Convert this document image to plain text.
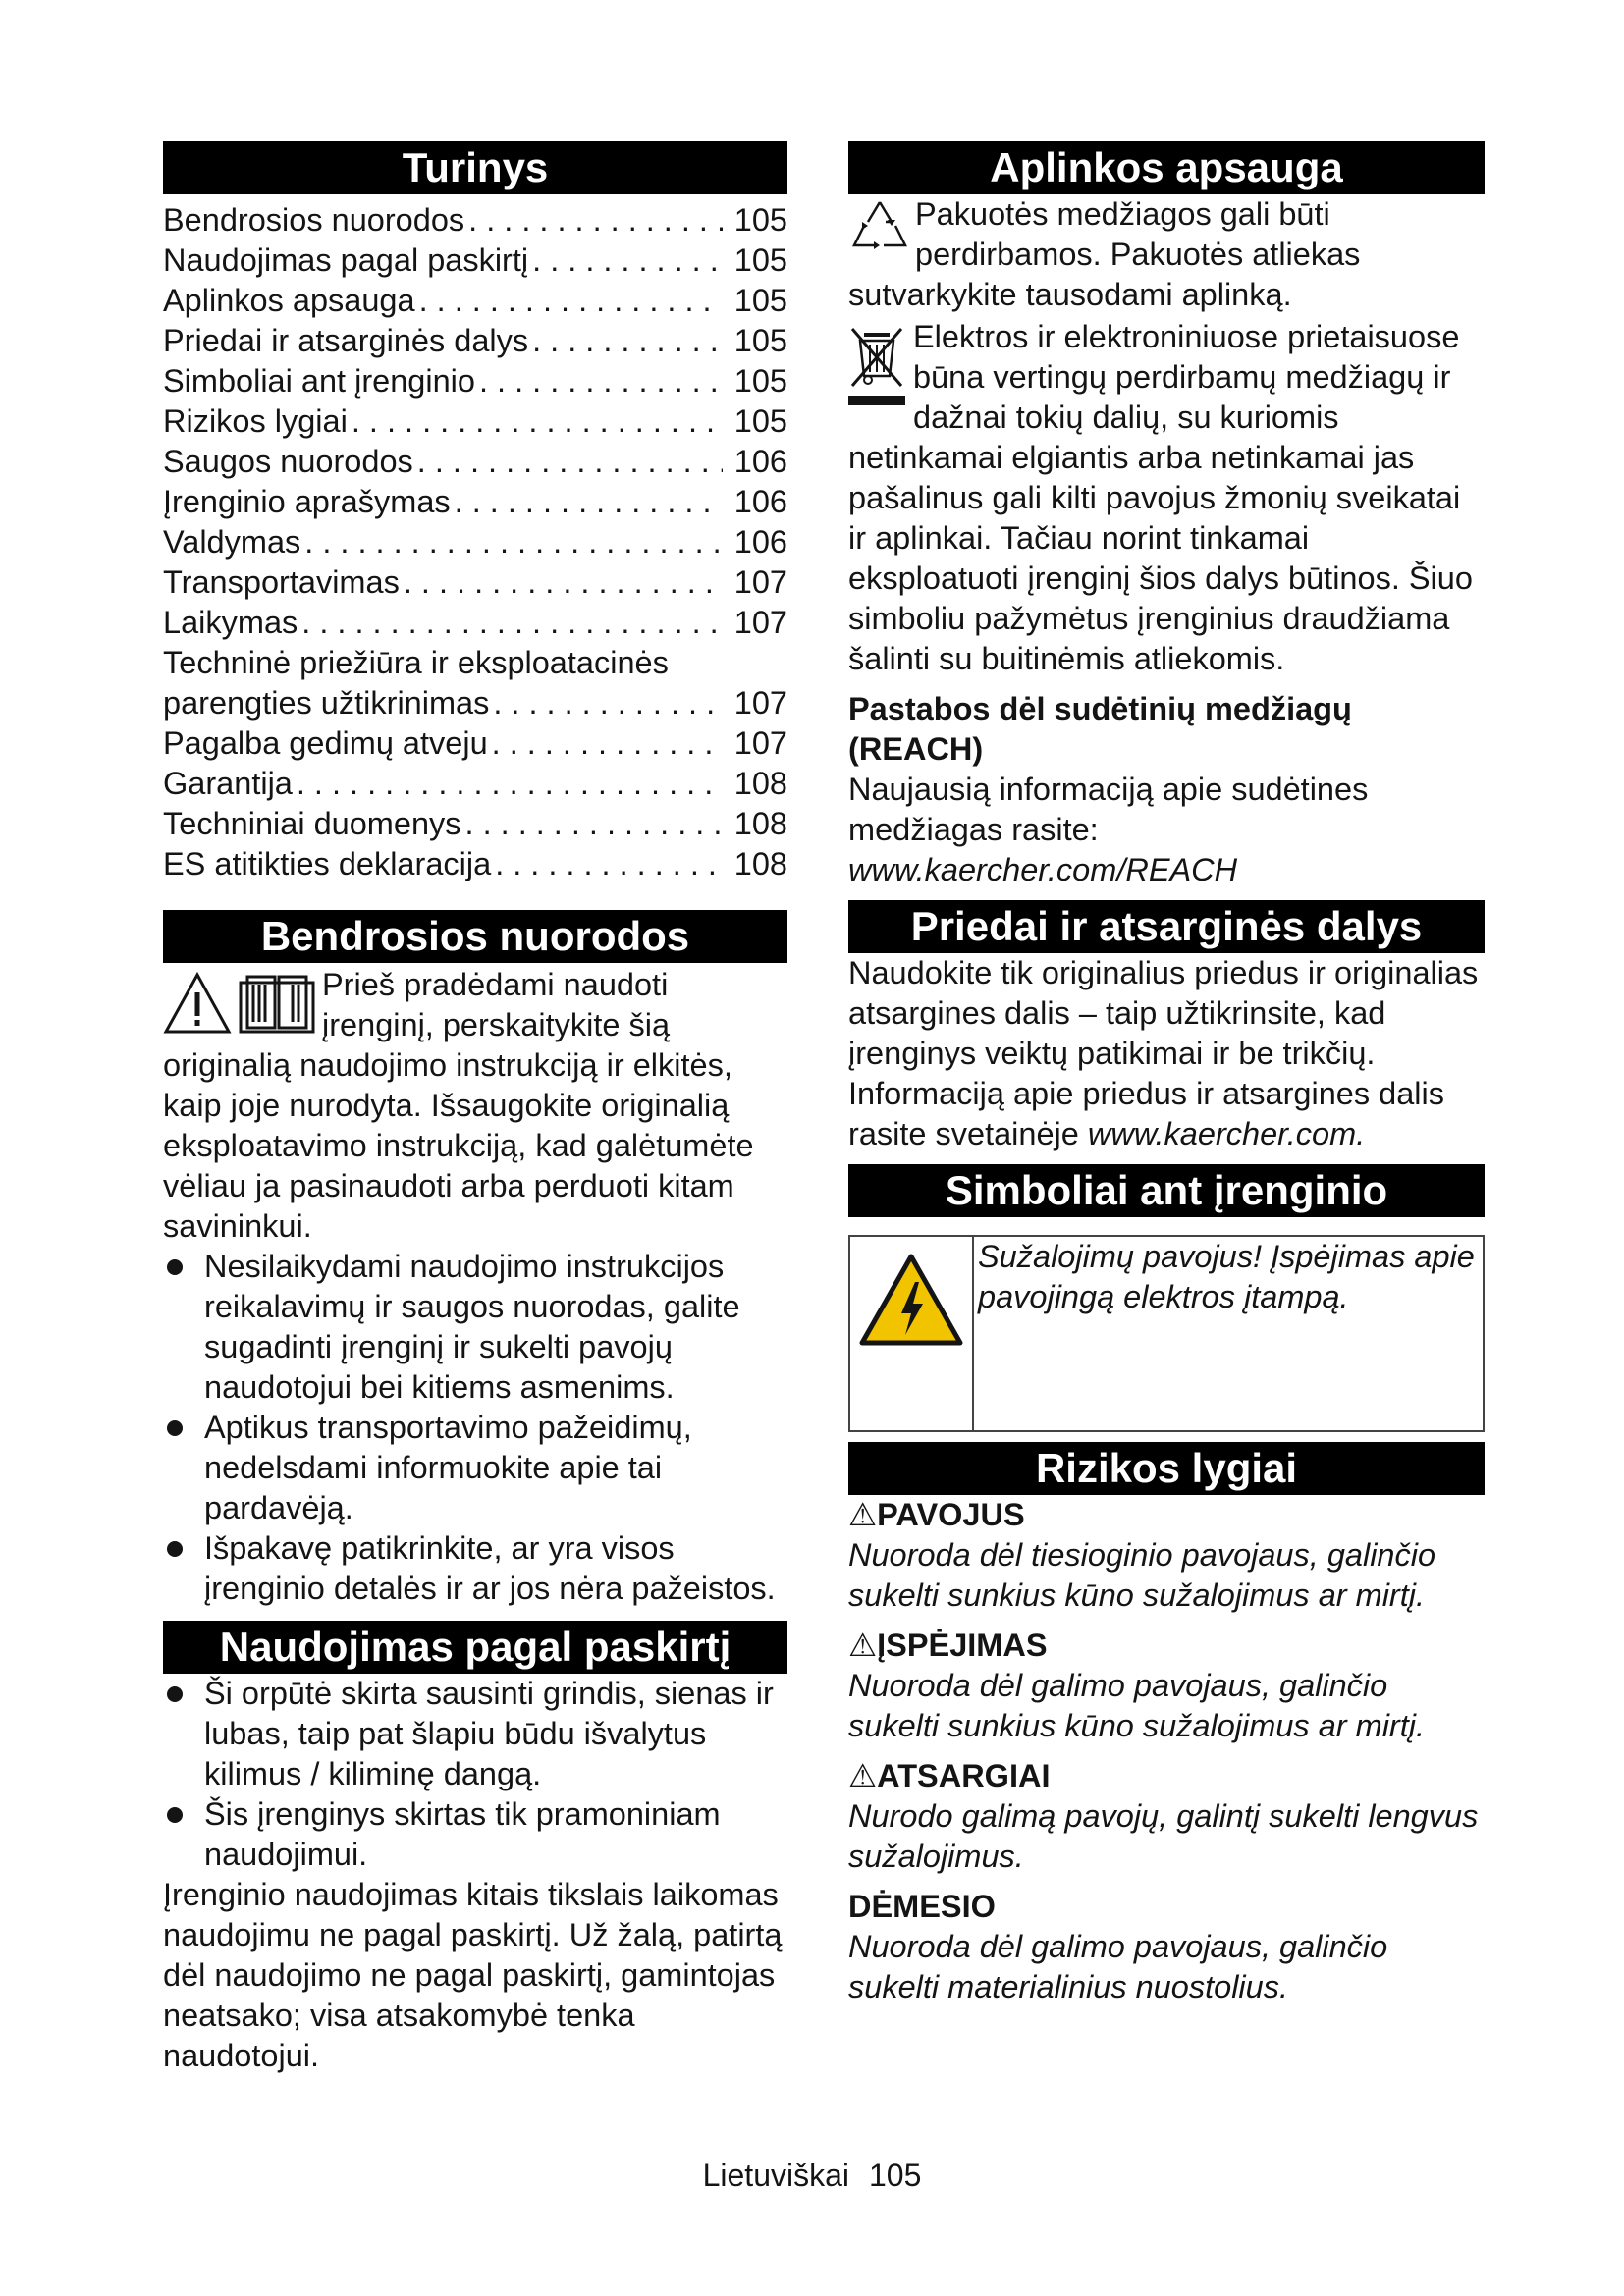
Turinys
Bendrosios nuorodos . . .	105
Naudojimas pagal paskirtį . . .	105
Aplinkos apsauga . . .	105
Priedai ir atsarginės dalys . . .	105
Simboliai ant įrenginio . . .	105
Rizikos lygiai . . .	105
Saugos nuorodos . . .	106
Įrenginio aprašymas . . .	106
Valdymas . . .	106
Transportavimas . . .	107
Laikymas . . .	107
Techninė priežiūra ir eksploatacinės
parengties užtikrinimas . . .	107
Pagalba gedimų atveju . . .	107
Garantija . . .	108
Techniniai duomenys . . .	108
ES atitikties deklaracija . . .	108
Bendrosios nuorodos

Prieš pradėdami naudoti įrenginį, perskaitykite šią originalią naudojimo instrukciją ir elkitės, kaip joje nurodyta. Išsaugokite originalią eksploatavimo instrukciją, kad galėtumėte vėliau ja pasinaudoti arba perduoti kitam savininkui.

Nesilaikydami naudojimo instrukcijos reikalavimų ir saugos nuorodas, galite sugadinti įrenginį ir sukelti pavojų naudotojui bei kitiems asmenims.
Aptikus transportavimo pažeidimų, nedelsdami informuokite apie tai pardavėją.
Išpakavę patikrinkite, ar yra visos įrenginio detalės ir ar jos nėra pažeistos.
Naudojimas pagal paskirtį
Ši orpūtė skirta sausinti grindis, sienas ir lubas, taip pat šlapiu būdu išvalytus kilimus / kiliminę dangą.
Šis įrenginys skirtas tik pramoniniam naudojimui.

Įrenginio naudojimas kitais tikslais laikomas naudojimu ne pagal paskirtį. Už žalą, patirtą dėl naudojimo ne pagal paskirtį, gamintojas neatsako; visa atsakomybė tenka naudotojui.

Aplinkos apsauga

Pakuotės medžiagos gali būti perdirbamos. Pakuotės atliekas sutvarkykite tausodami aplinką.

Elektros ir elektroniniuose prietaisuose būna vertingų perdirbamų medžiagų ir dažnai tokių dalių, su kuriomis netinkamai elgiantis arba netinkamai jas pašalinus gali kilti pavojus žmonių sveikatai ir aplinkai. Tačiau norint tinkamai eksploatuoti įrenginį šios dalys būtinos. Šiuo simboliu pažymėtus įrenginius draudžiama šalinti su buitinėmis atliekomis.

Pastabos dėl sudėtinių medžiagų (REACH)

Naujausią informaciją apie sudėtines medžiagas rasite: www.kaercher.com/REACH

Priedai ir atsarginės dalys

Naudokite tik originalius priedus ir originalias atsargines dalis – taip užtikrinsite, kad įrenginys veiktų patikimai ir be trikčių.

Informaciją apie priedus ir atsargines dalis rasite svetainėje www.kaercher.com.

Simboliai ant įrenginio
	Sužalojimų pavojus! Įspėjimas apie pavojingą elektros įtampą.
Rizikos lygiai
⚠PAVOJUS

Nuoroda dėl tiesioginio pavojaus, galinčio sukelti sunkius kūno sužalojimus ar mirtį.

⚠ĮSPĖJIMAS

Nuoroda dėl galimo pavojaus, galinčio sukelti sunkius kūno sužalojimus ar mirtį.

⚠ATSARGIAI

Nurodo galimą pavojų, galintį sukelti lengvus sužalojimus.

DĖMESIO

Nuoroda dėl galimo pavojaus, galinčio sukelti materialinius nuostolius.

Lietuviškai 105
